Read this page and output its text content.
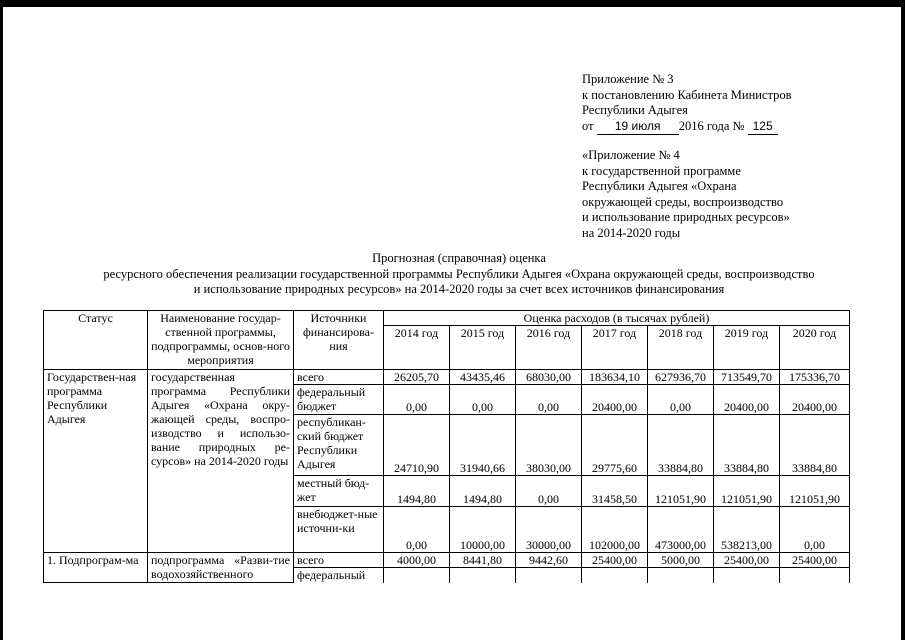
Приложение № 3
к постановлению Кабинета Министров
Республики Адыгея
от 19 июля 2016 года № 125
«Приложение № 4
к государственной программе
Республики Адыгея «Охрана
окружающей среды, воспроизводство
и использование природных ресурсов»
на 2014-2020 годы
Прогнозная (справочная) оценка
ресурсного обеспечения реализации государственной программы Республики Адыгея «Охрана окружающей среды, воспроизводство
и использование природных ресурсов» на 2014-2020 годы за счет всех источников финансирования
Статус	Наименование государ-ственной программы, подпрограммы, основ-ного мероприятия	Источники финансирова-ния	Оценка расходов (в тысячах рублей)						
			2014 год	2015 год	2016 год	2017 год	2018 год	2019 год	2020 год
Государствен-ная программа Республики Адыгея	государственная программа Республики Адыгея «Охрана окру-жающей среды, воспро-изводство и использо-вание природных ре-сурсов» на 2014-2020 годы	всего	26205,70	43435,46	68030,00	183634,10	627936,70	713549,70	175336,70
		федеральный бюджет	0,00	0,00	0,00	20400,00	0,00	20400,00	20400,00
		республикан-ский бюджет Республики Адыгея	24710,90	31940,66	38030,00	29775,60	33884,80	33884,80	33884,80
		местный бюд-жет	1494,80	1494,80	0,00	31458,50	121051,90	121051,90	121051,90
		внебюджет-ные источни-ки	0,00	10000,00	30000,00	102000,00	473000,00	538213,00	0,00
1. Подпрограм-ма	подпрограмма «Разви-тие водохозяйственного	всего	4000,00	8441,80	9442,60	25400,00	5000,00	25400,00	25400,00
		федеральный							
